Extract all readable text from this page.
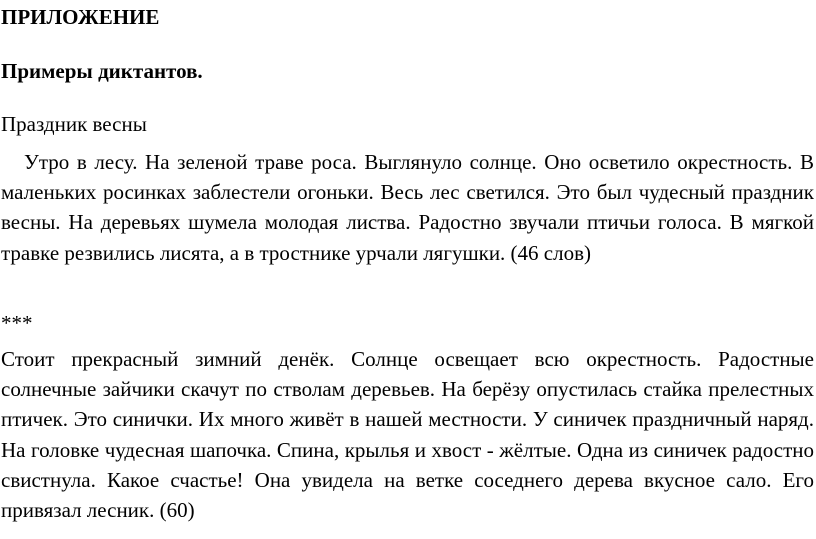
ПРИЛОЖЕНИЕ
Примеры диктантов.
Праздник весны

Утро в лесу. На зеленой траве роса. Выглянуло солнце. Оно осветило окрестность. В маленьких росинках заблестели огоньки. Весь лес светился. Это был чудесный праздник весны. На деревьях шумела молодая листва. Радостно звучали птичьи голоса. В мягкой травке резвились лисята, а в тростнике урчали лягушки. (46 слов)

***

Стоит прекрасный зимний денёк. Солнце освещает всю окрестность. Радостные солнечные зайчики скачут по стволам деревьев. На берёзу опустилась стайка прелестных птичек. Это синички. Их много живёт в нашей местности. У синичек праздничный наряд. На головке чудесная шапочка. Спина, крылья и хвост - жёлтые. Одна из синичек радостно свистнула. Какое счастье! Она увидела на ветке соседнего дерева вкусное сало. Его привязал лесник. (60)
